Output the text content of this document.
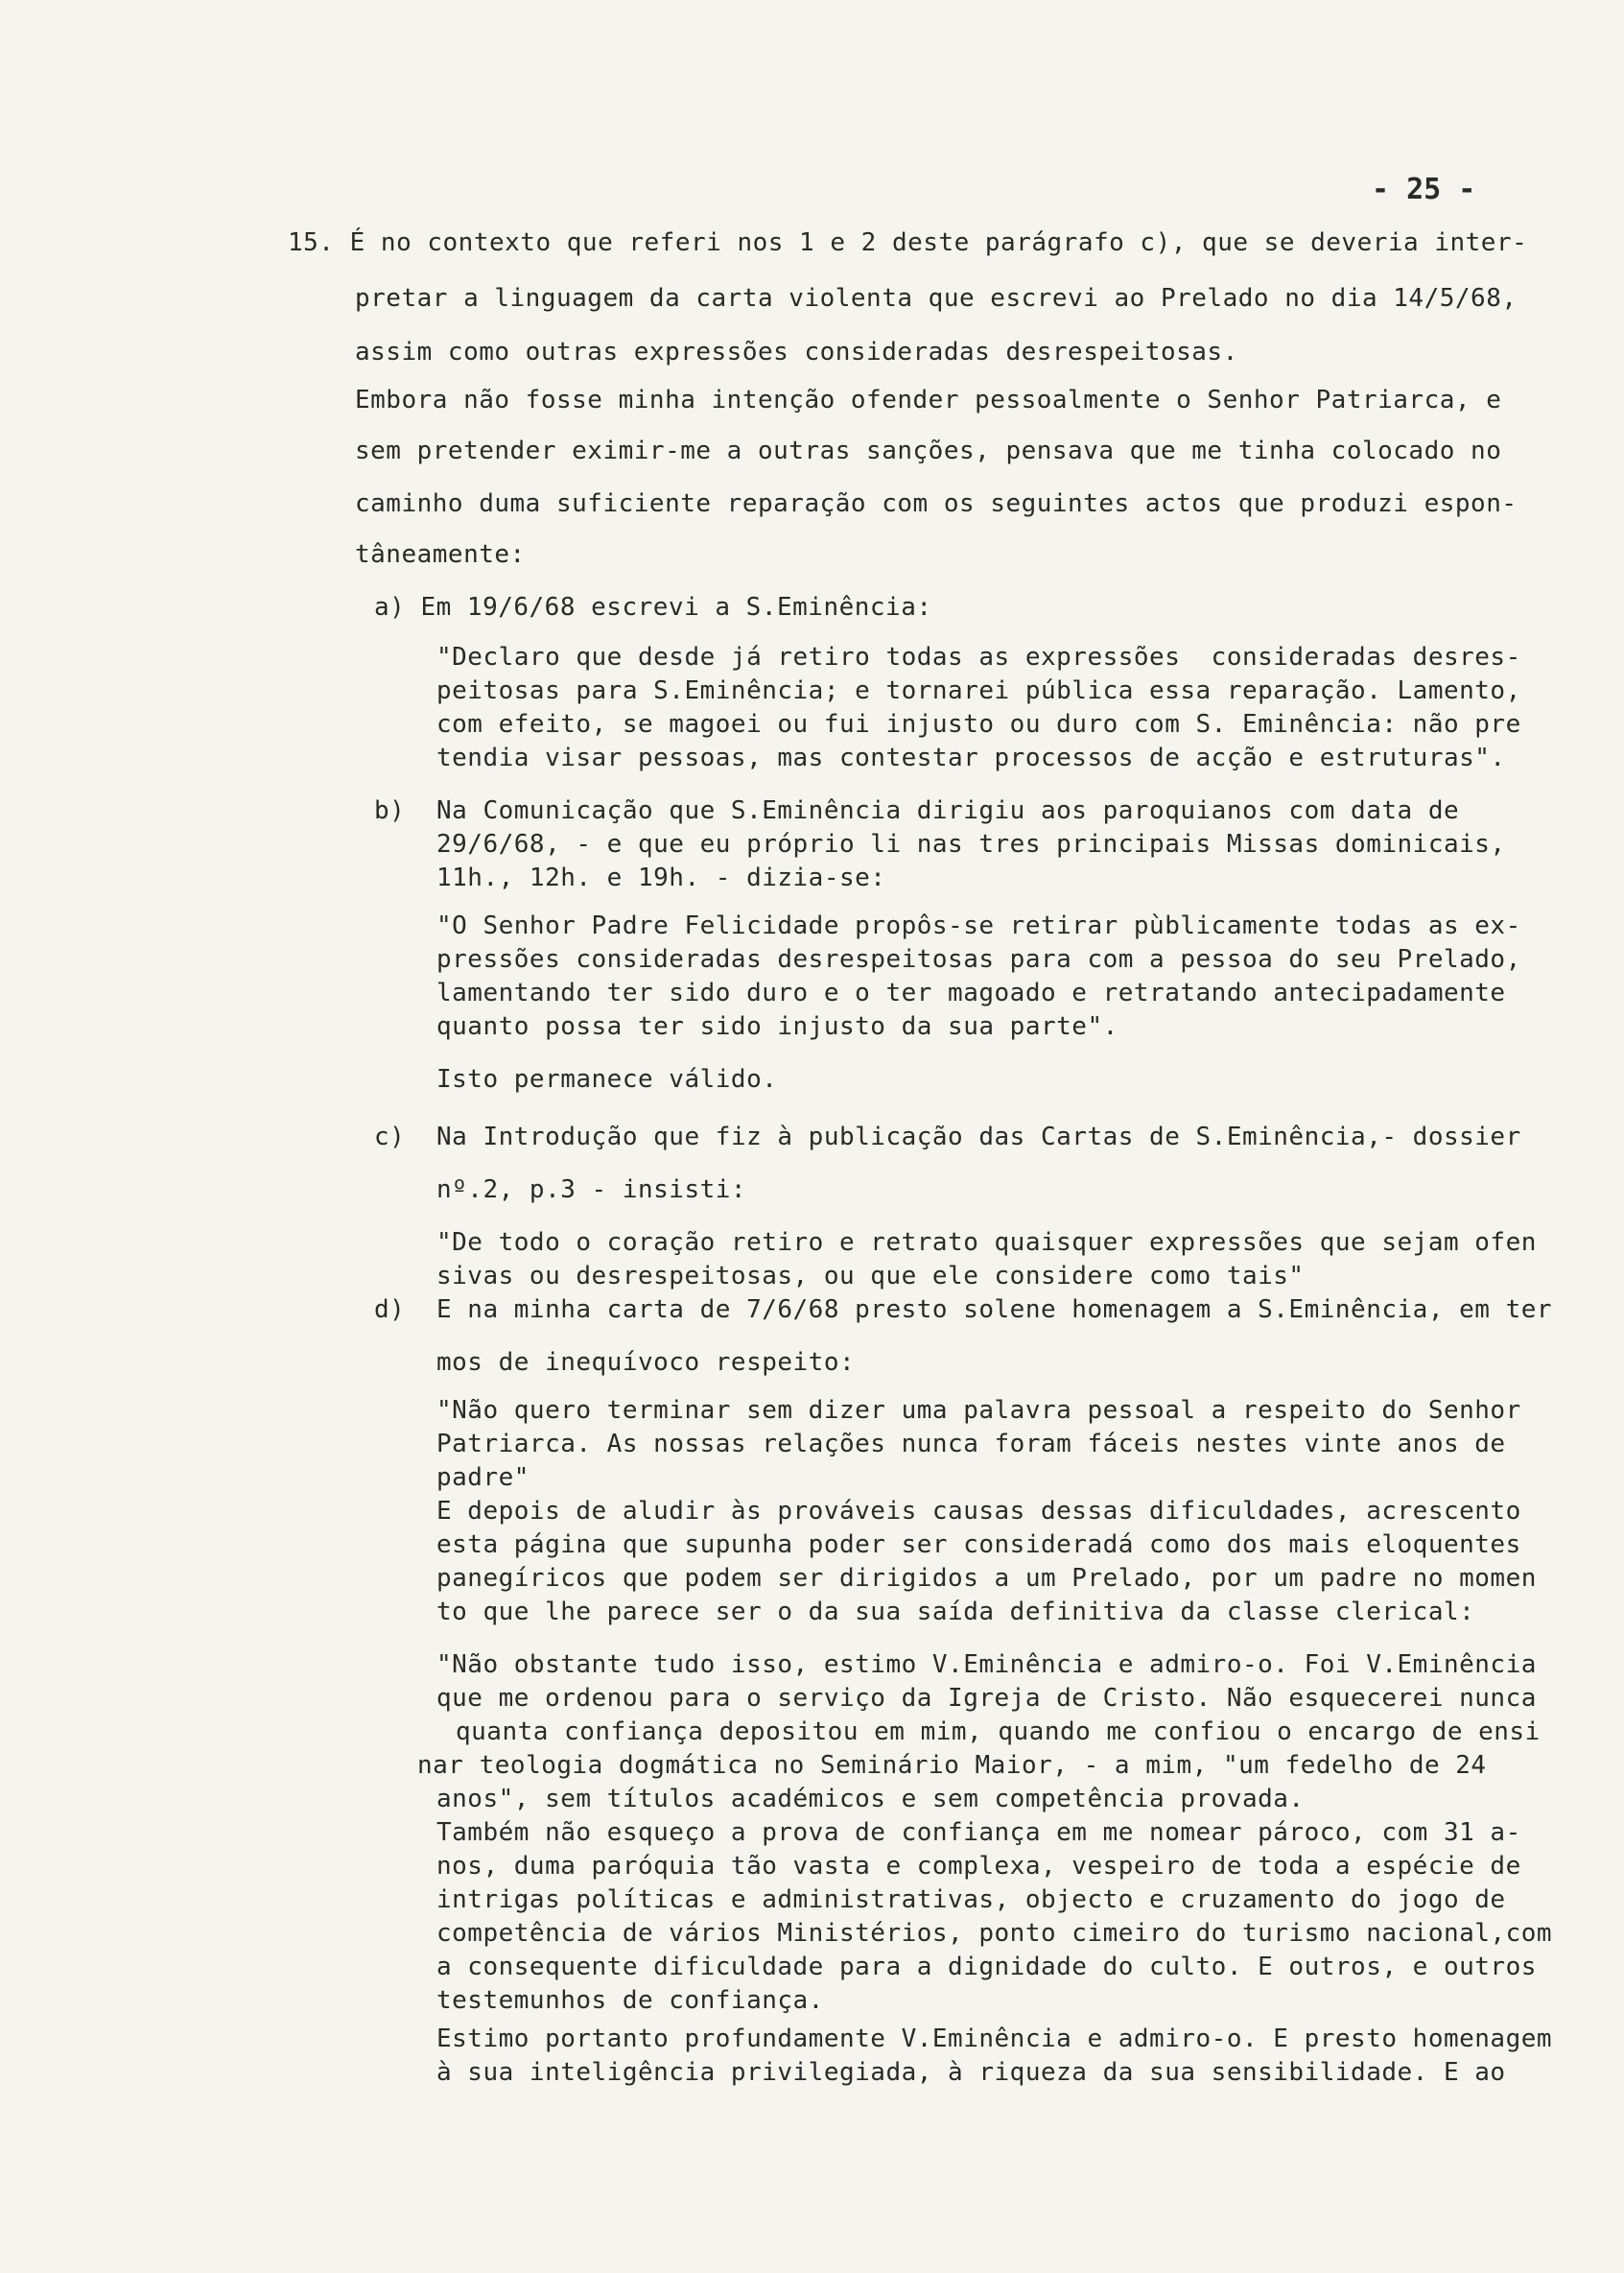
- 25 -
15. É no contexto que referi nos 1 e 2 deste parágrafo c), que se deveria inter-
pretar a linguagem da carta violenta que escrevi ao Prelado no dia 14/5/68,
assim como outras expressões consideradas desrespeitosas.
Embora não fosse minha intenção ofender pessoalmente o Senhor Patriarca, e
sem pretender eximir-me a outras sanções, pensava que me tinha colocado no
caminho duma suficiente reparação com os seguintes actos que produzi espon-
tâneamente:
a) Em 19/6/68 escrevi a S.Eminência:
"Declaro que desde já retiro todas as expressões  consideradas desres-
peitosas para S.Eminência; e tornarei pública essa reparação. Lamento,
com efeito, se magoei ou fui injusto ou duro com S. Eminência: não pre
tendia visar pessoas, mas contestar processos de acção e estruturas".
b) Na Comunicação que S.Eminência dirigiu aos paroquianos com data de
29/6/68, - e que eu próprio li nas tres principais Missas dominicais,
11h., 12h. e 19h. - dizia-se:
"O Senhor Padre Felicidade propôs-se retirar pùblicamente todas as ex-
pressões consideradas desrespeitosas para com a pessoa do seu Prelado,
lamentando ter sido duro e o ter magoado e retratando antecipadamente
quanto possa ter sido injusto da sua parte".
Isto permanece válido.
c) Na Introdução que fiz à publicação das Cartas de S.Eminência,- dossier
nº.2, p.3 - insisti:
"De todo o coração retiro e retrato quaisquer expressões que sejam ofen
sivas ou desrespeitosas, ou que ele considere como tais"
d) E na minha carta de 7/6/68 presto solene homenagem a S.Eminência, em ter
mos de inequívoco respeito:
"Não quero terminar sem dizer uma palavra pessoal a respeito do Senhor
Patriarca. As nossas relações nunca foram fáceis nestes vinte anos de
padre"
E depois de aludir às prováveis causas dessas dificuldades, acrescento
esta página que supunha poder ser consideradá como dos mais eloquentes
panegíricos que podem ser dirigidos a um Prelado, por um padre no momen
to que lhe parece ser o da sua saída definitiva da classe clerical:
"Não obstante tudo isso, estimo V.Eminência e admiro-o. Foi V.Eminência
que me ordenou para o serviço da Igreja de Cristo. Não esquecerei nunca
quanta confiança depositou em mim, quando me confiou o encargo de ensi
nar teologia dogmática no Seminário Maior, - a mim, "um fedelho de 24
anos", sem títulos académicos e sem competência provada.
Também não esqueço a prova de confiança em me nomear pároco, com 31 a-
nos, duma paróquia tão vasta e complexa, vespeiro de toda a espécie de
intrigas políticas e administrativas, objecto e cruzamento do jogo de
competência de vários Ministérios, ponto cimeiro do turismo nacional,com
a consequente dificuldade para a dignidade do culto. E outros, e outros
testemunhos de confiança.
Estimo portanto profundamente V.Eminência e admiro-o. E presto homenagem
à sua inteligência privilegiada, à riqueza da sua sensibilidade. E ao
